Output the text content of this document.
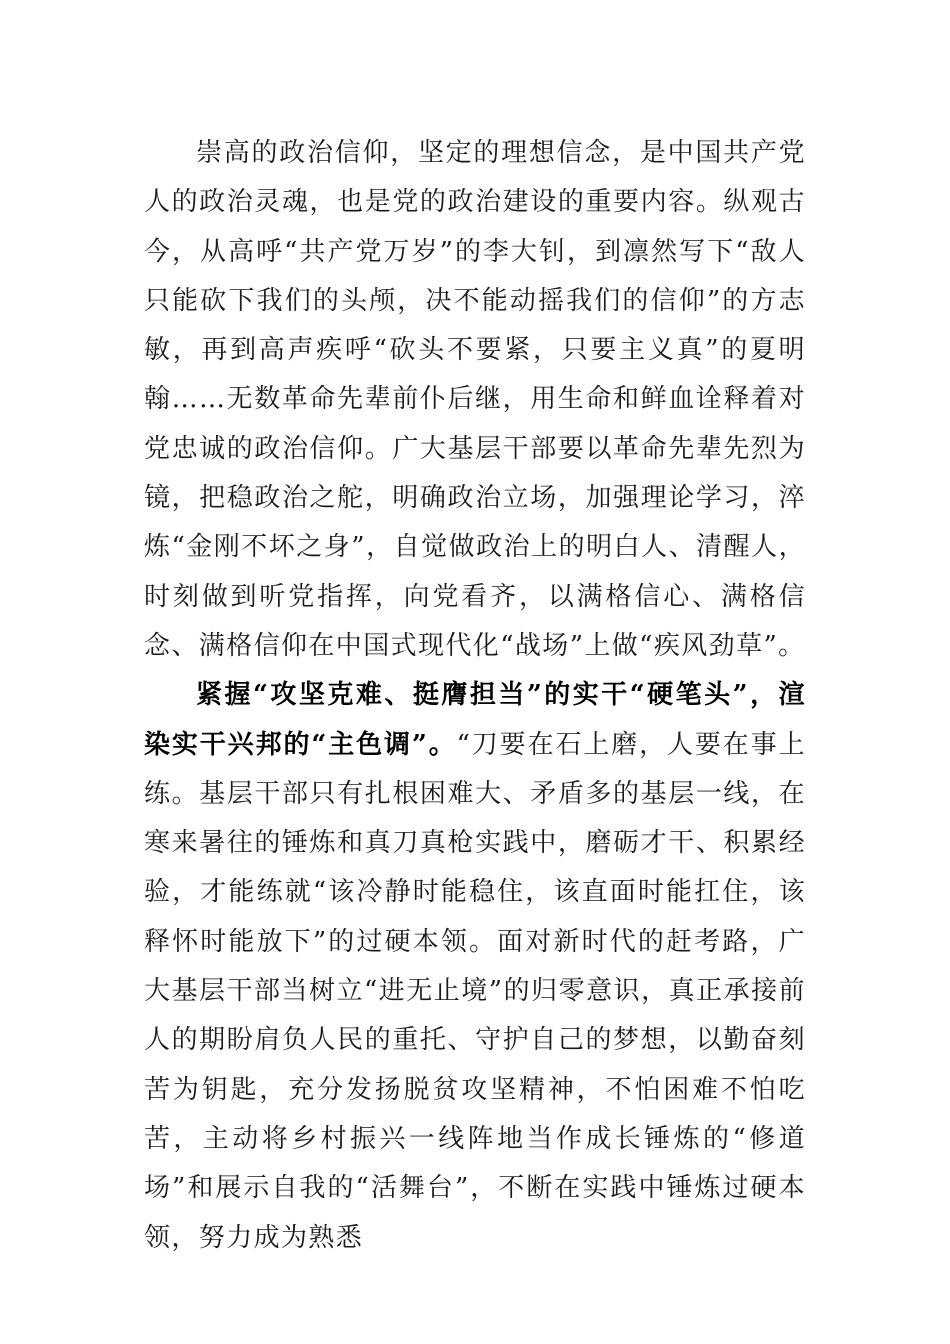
崇高的政治信仰，坚定的理想信念，是中国共产党人的政治灵魂，也是党的政治建设的重要内容。纵观古今，从高呼“共产党万岁”的李大钊，到凛然写下“敌人只能砍下我们的头颅，决不能动摇我们的信仰”的方志敏，再到高声疾呼“砍头不要紧，只要主义真”的夏明翰……无数革命先辈前仆后继，用生命和鲜血诠释着对党忠诚的政治信仰。广大基层干部要以革命先辈先烈为镜，把稳政治之舵，明确政治立场，加强理论学习，淬炼“金刚不坏之身”，自觉做政治上的明白人、清醒人，时刻做到听党指挥，向党看齐，以满格信心、满格信念、满格信仰在中国式现代化“战场”上做“疾风劲草”。

紧握“攻坚克难、挺膺担当”的实干“硬笔头”，渲染实干兴邦的“主色调”。“刀要在石上磨，人要在事上练。基层干部只有扎根困难大、矛盾多的基层一线，在寒来暑往的锤炼和真刀真枪实践中，磨砺才干、积累经验，才能练就“该冷静时能稳住，该直面时能扛住，该释怀时能放下”的过硬本领。面对新时代的赶考路，广大基层干部当树立“进无止境”的归零意识，真正承接前人的期盼肩负人民的重托、守护自己的梦想，以勤奋刻苦为钥匙，充分发扬脱贫攻坚精神，不怕困难不怕吃苦，主动将乡村振兴一线阵地当作成长锤炼的“修道场”和展示自我的“活舞台”，不断在实践中锤炼过硬本领，努力成为熟悉
